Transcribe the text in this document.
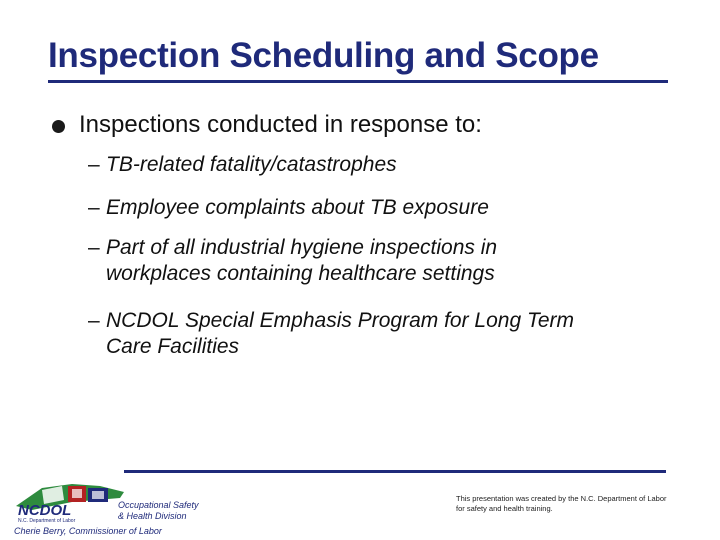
Inspection Scheduling and Scope
Inspections conducted in response to:
– TB-related fatality/catastrophes
– Employee complaints about TB exposure
– Part of all industrial hygiene inspections in
workplaces containing healthcare settings
– NCDOL Special Emphasis Program for Long Term
Care Facilities
NCDOL
N.C. Department of Labor
Occupational Safety
& Health Division
Cherie Berry, Commissioner of Labor
This presentation was created by the N.C. Department of Labor for safety and health training.
